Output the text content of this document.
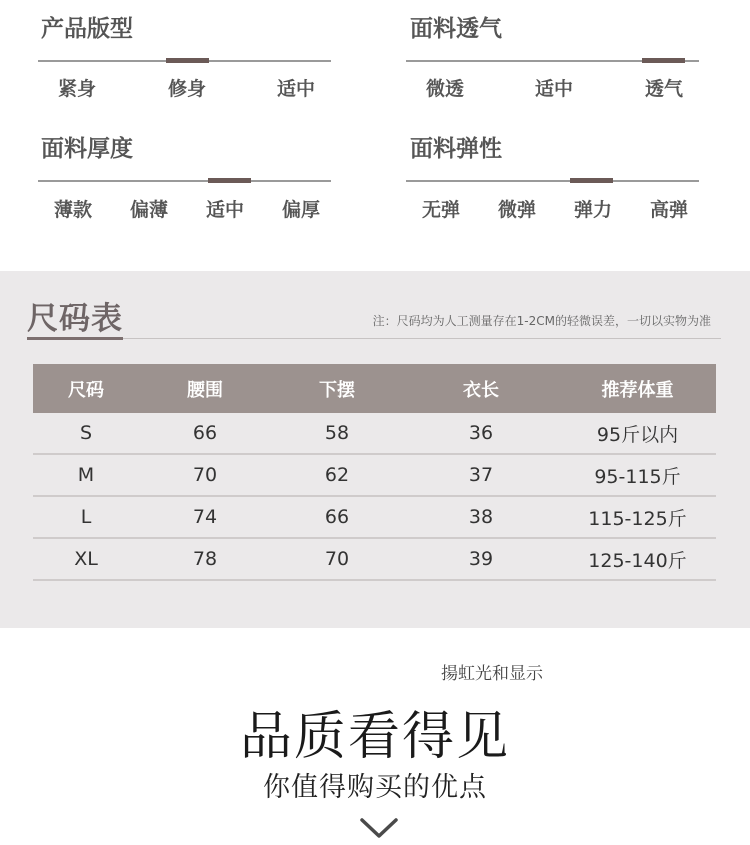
产品版型
紧身	修身	适中
面料透气
微透	适中	透气
面料厚度
薄款 偏薄 适中 偏厚
面料弹性
无弹 微弹 弹力 高弹
尺码表	注：尺码均为人工测量存在1-2CM的轻微误差，一切以实物为准
尺码	腰围	下摆	衣长	推荐体重
S	66	58	36	95斤以内
M	70	62	37	95-115斤
L	74	66	38	115-125斤
XL	78	70	39	125-140斤
揚虹光和显示
品质看得见
你值得购买的优点
